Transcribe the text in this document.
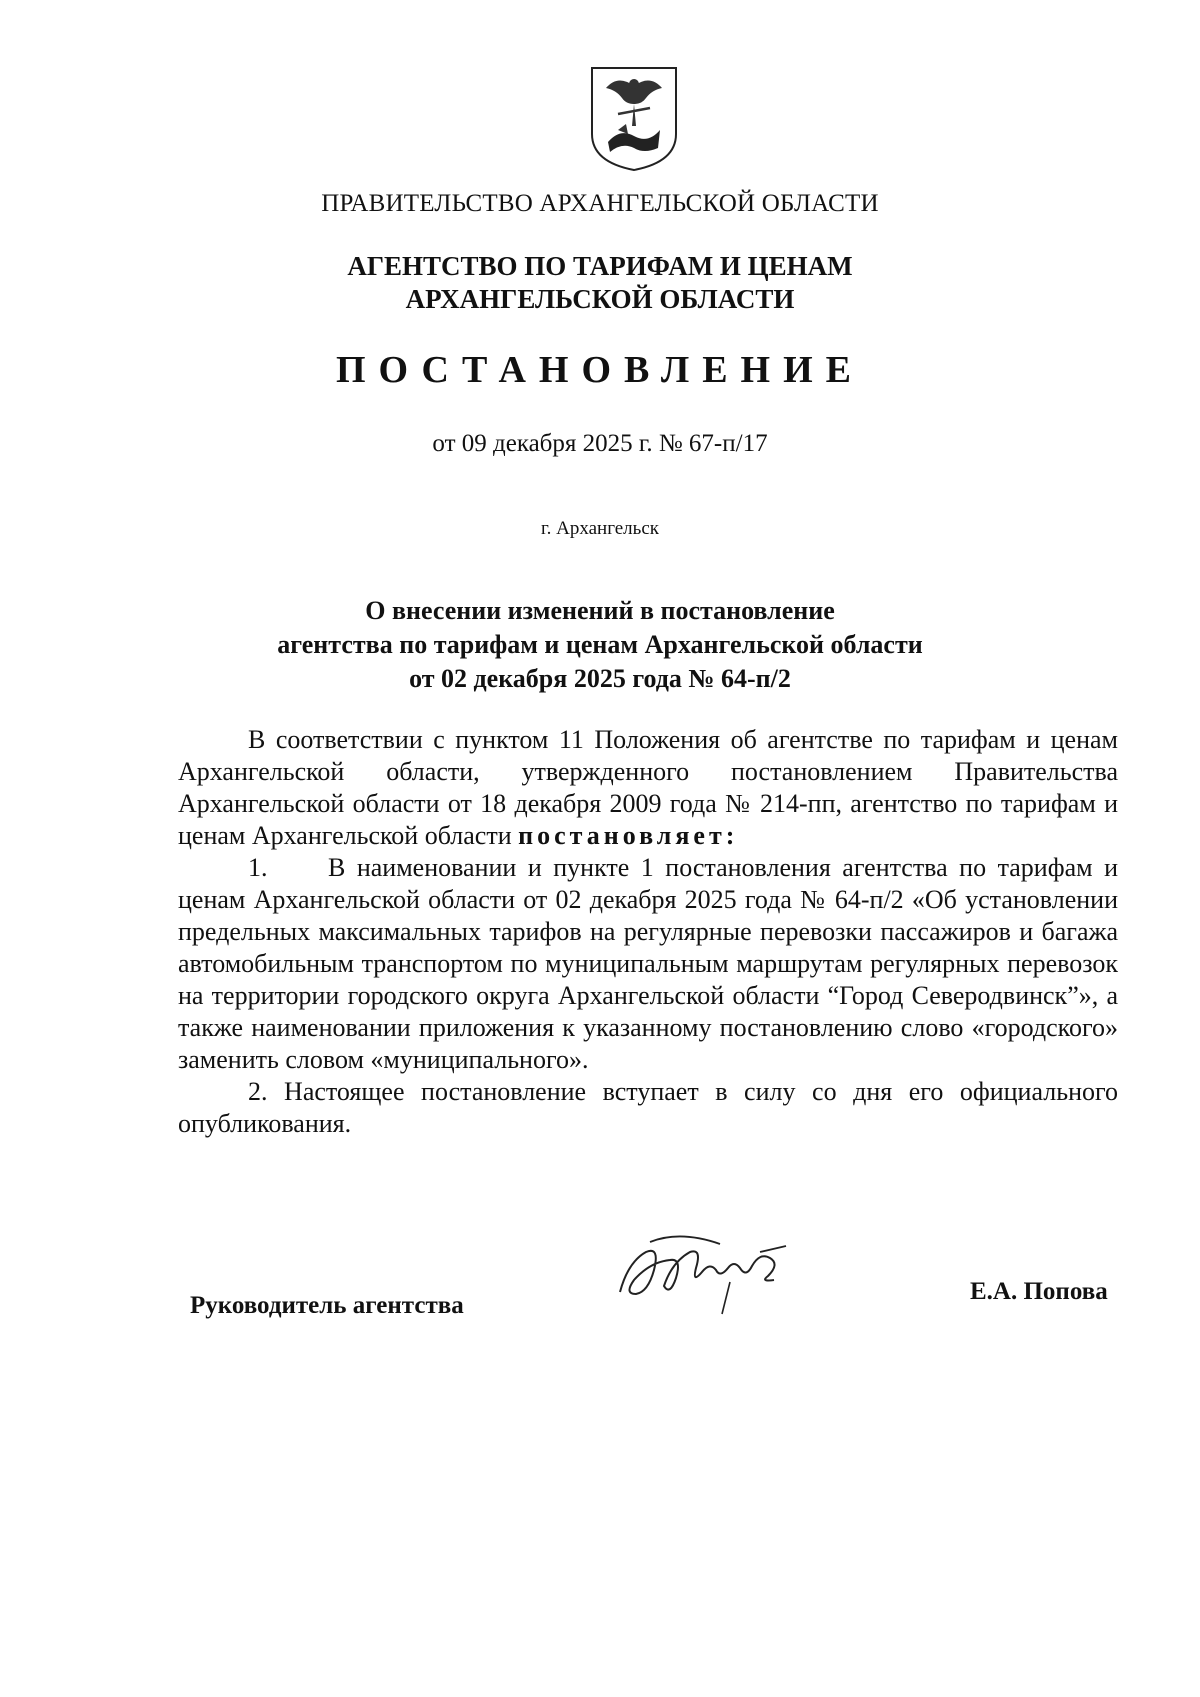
ПРАВИТЕЛЬСТВО АРХАНГЕЛЬСКОЙ ОБЛАСТИ
АГЕНТСТВО ПО ТАРИФАМ И ЦЕНАМ
АРХАНГЕЛЬСКОЙ ОБЛАСТИ
ПОСТАНОВЛЕНИЕ
от 09 декабря 2025 г. № 67-п/17
г. Архангельск
О внесении изменений в постановление
агентства по тарифам и ценам Архангельской области
от 02 декабря 2025 года № 64-п/2

В соответствии с пунктом 11 Положения об агентстве по тарифам и ценам Архангельской области, утвержденного постановлением Правительства Архангельской области от 18 декабря 2009 года № 214-пп, агентство по тарифам и ценам Архангельской области постановляет:

1. В наименовании и пункте 1 постановления агентства по тарифам и ценам Архангельской области от 02 декабря 2025 года № 64-п/2 «Об установлении предельных максимальных тарифов на регулярные перевозки пассажиров и багажа автомобильным транспортом по муниципальным маршрутам регулярных перевозок на территории городского округа Архангельской области “Город Северодвинск”», а также наименовании приложения к указанному постановлению слово «городского» заменить словом «муниципального».

2. Настоящее постановление вступает в силу со дня его официального опубликования.

Руководитель агентства
Е.А. Попова
